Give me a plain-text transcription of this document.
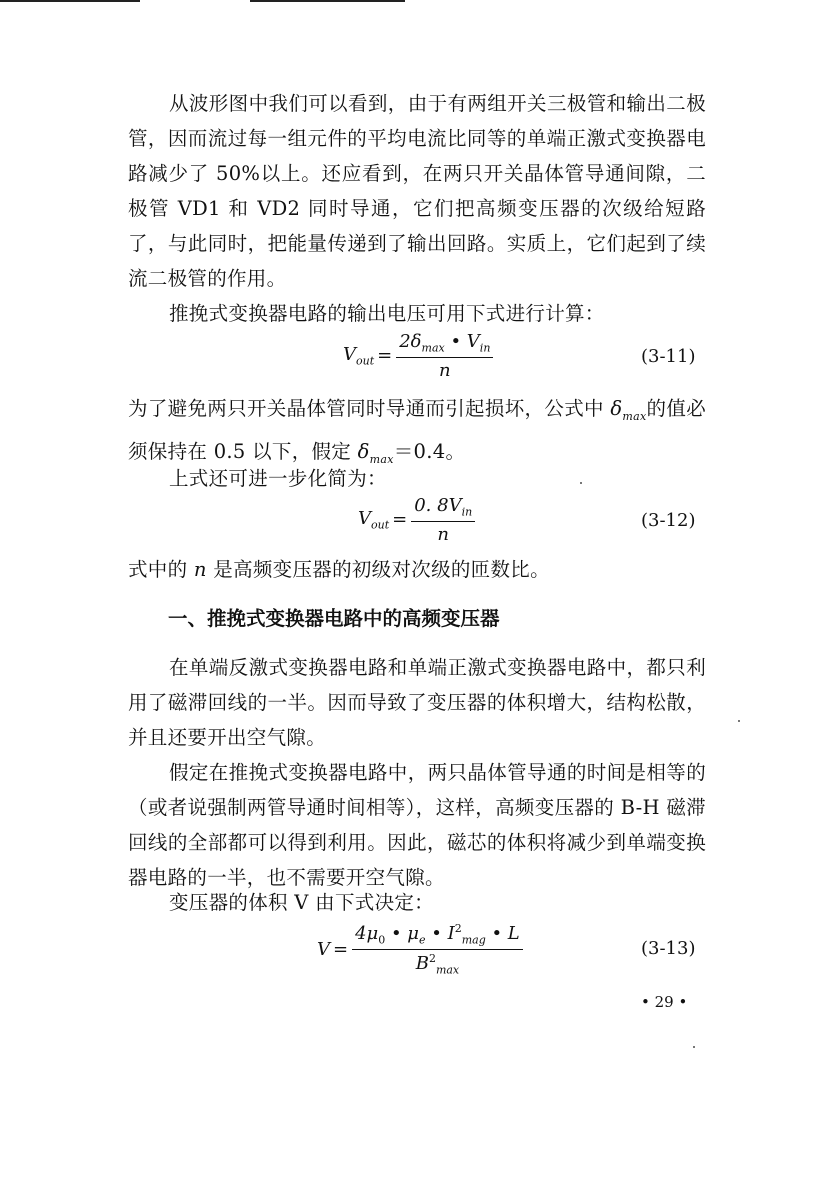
从波形图中我们可以看到，由于有两组开关三极管和输出二极管，因而流过每一组元件的平均电流比同等的单端正激式变换器电路减少了 50%以上。还应看到，在两只开关晶体管导通间隙，二极管 VD1 和 VD2 同时导通，它们把高频变压器的次级给短路了，与此同时，把能量传递到了输出回路。实质上，它们起到了续流二极管的作用。

推挽式变换器电路的输出电压可用下式进行计算：

$V_{out} = \frac{2\delta_{max} • V_{in}}{n}$	(3-11)

为了避免两只开关晶体管同时导通而引起损坏，公式中 $\delta_{max}$的值必须保持在 0.5 以下，假定 $\delta_{max}=0.4$。

上式还可进一步化简为：

$V_{out} = \frac{0. 8V_{in}}{n}$	(3-12)

式中的 n 是高频变压器的初级对次级的匝数比。

一、推挽式变换器电路中的高频变压器

在单端反激式变换器电路和单端正激式变换器电路中，都只利用了磁滞回线的一半。因而导致了变压器的体积增大，结构松散，并且还要开出空气隙。

假定在推挽式变换器电路中，两只晶体管导通的时间是相等的（或者说强制两管导通时间相等），这样，高频变压器的 B-H 磁滞回线的全部都可以得到利用。因此，磁芯的体积将减少到单端变换器电路的一半，也不需要开空气隙。

变压器的体积 V 由下式决定：

$V = \frac{4\mu_0 • \mu_e • I^2_{mag} • L}{B^2_{max}}$	(3-13)
• 29 •
